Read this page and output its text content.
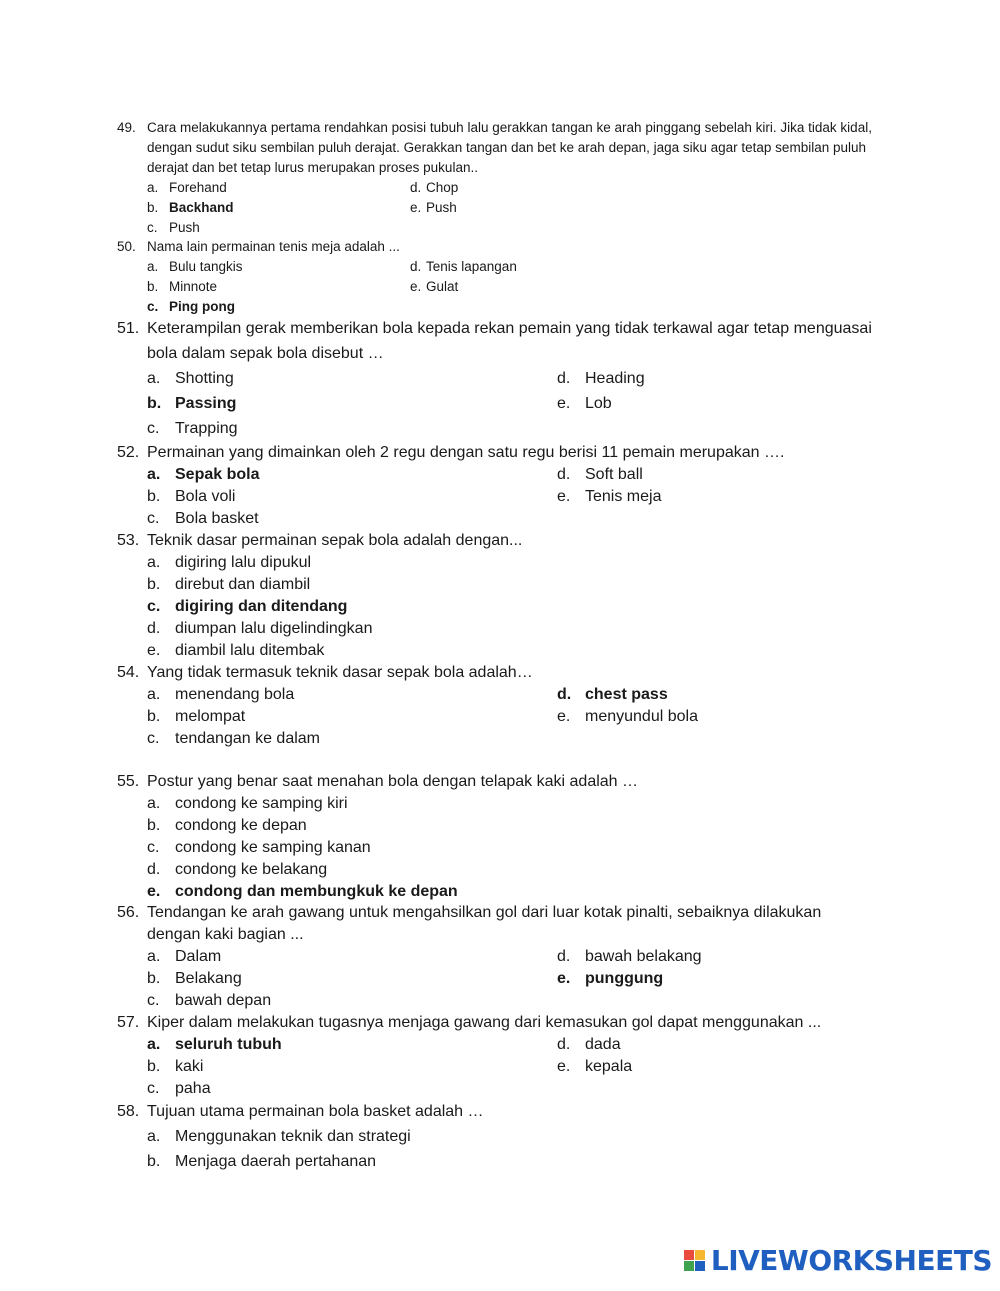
49. Cara melakukannya pertama rendahkan posisi tubuh lalu gerakkan tangan ke arah pinggang sebelah kiri. Jika tidak kidal, dengan sudut siku sembilan puluh derajat. Gerakkan tangan dan bet ke arah depan, jaga siku agar tetap sembilan puluh derajat dan bet tetap lurus merupakan proses pukulan..
a. Forehand	d. Chop
b. Backhand	e. Push
c. Push
50. Nama lain permainan tenis meja adalah ...
a. Bulu tangkis	d. Tenis lapangan
b. Minnote	e. Gulat
c. Ping pong
51. Keterampilan gerak memberikan bola kepada rekan pemain yang tidak terkawal agar tetap menguasai bola dalam sepak bola disebut …
a. Shotting	d. Heading
b. Passing	e. Lob
c. Trapping
52. Permainan yang dimainkan oleh 2 regu dengan satu regu berisi 11 pemain merupakan ….
a. Sepak bola	d. Soft ball
b. Bola voli	e. Tenis meja
c. Bola basket
53. Teknik dasar permainan sepak bola adalah dengan...
a. digiring lalu dipukul
b. direbut dan diambil
c. digiring dan ditendang
d. diumpan lalu digelindingkan
e. diambil lalu ditembak
54. Yang tidak termasuk teknik dasar sepak bola adalah…
a. menendang bola	d. chest pass
b. melompat	e. menyundul bola
c. tendangan ke dalam
55. Postur yang benar saat menahan bola dengan telapak kaki adalah …
a. condong ke samping kiri
b. condong ke depan
c. condong ke samping kanan
d. condong ke belakang
e. condong dan membungkuk ke depan
56. Tendangan ke arah gawang untuk mengahsilkan gol dari luar kotak pinalti, sebaiknya dilakukan dengan kaki bagian ...
a. Dalam	d. bawah belakang
b. Belakang	e. punggung
c. bawah depan
57. Kiper dalam melakukan tugasnya menjaga gawang dari kemasukan gol dapat menggunakan ...
a. seluruh tubuh	d. dada
b. kaki	e. kepala
c. paha
58. Tujuan utama permainan bola basket adalah …
a. Menggunakan teknik dan strategi
b. Menjaga daerah pertahanan
LIVEWORKSHEETS
